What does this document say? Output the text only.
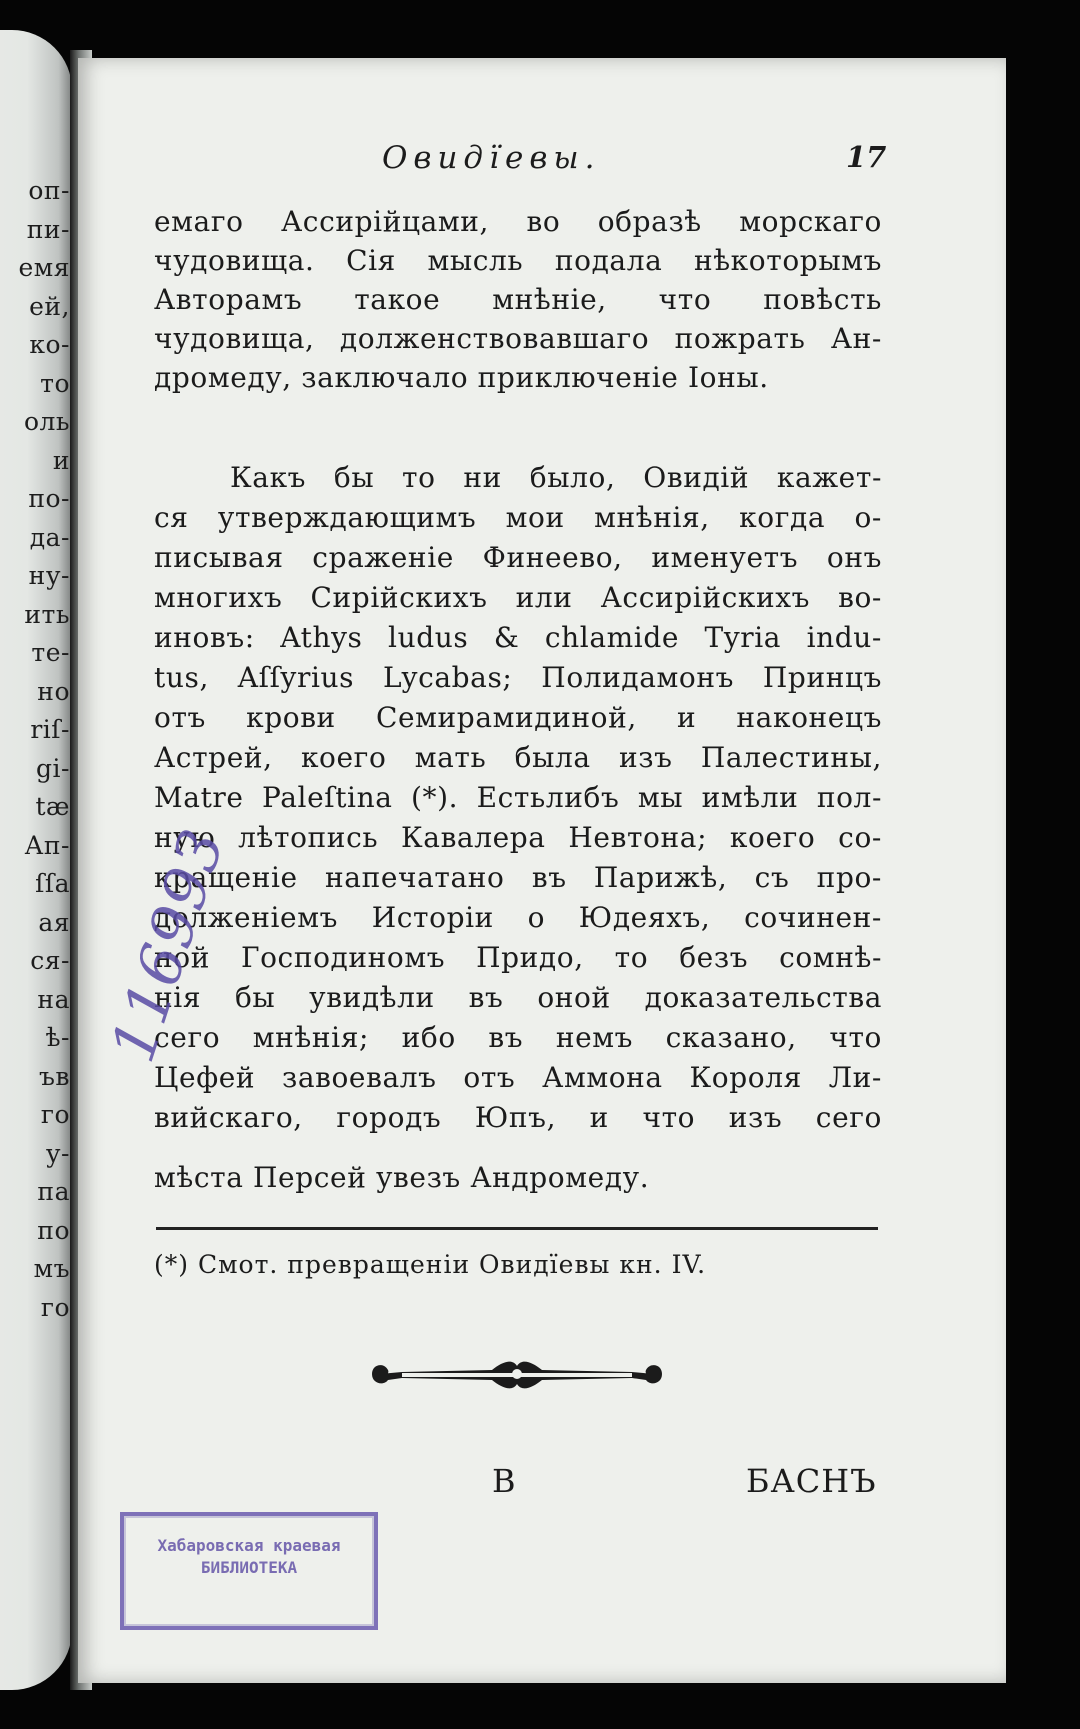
оп-
пи-
емя
ей,
ко-
то
оль
и
по-
да-
ну-
ить
те-
но
riſ-
gi-
tæ
Ап-
ſſa
ая
ся-
на
ѣ-
ъв
го
у-
па
по
мъ
го
Овидїевы.	17
емаго Ассирійцами, во образѣ морскаго
чудовища. Сія мысль подала нѣкоторымъ
Авторамъ такое мнѣніе, что повѣсть
чудовища, долженствовавшаго пожрать Ан-
дромеду, заключало приключеніе Іоны.
Какъ бы то ни было, Овидій кажет-
ся утверждающимъ мои мнѣнія, когда о-
писывая сраженіе Финеево, именуетъ онъ
многихъ Сирійскихъ или Ассирійскихъ во-
иновъ: Athys ludus & chlamide Tyria indu-
tus, Aſſyrius Lycabas; Полидамонъ Принцъ
отъ крови Семирамидиной, и наконецъ
Астрей, коего мать была изъ Палестины,
Matre Paleſtina (*). Естьлибъ мы имѣли пол-
ную лѣтопись Кавалера Невтона; коего со-
кращеніе напечатано въ Парижѣ, съ про-
долженіемъ Исторіи о Юдеяхъ, сочинен-
ной Господиномъ Придо, то безъ сомнѣ-
нія бы увидѣли въ оной доказательства
сего мнѣнія; ибо въ немъ сказано, что
Цефей завоевалъ отъ Аммона Короля Ли-
вийскаго, городъ Юпъ, и что изъ сего
мѣста Персей увезъ Андромеду.
(*) Смот. превращеніи Овидїевы кн. IV.
B	БАСНЪ
Хабаровская краевая
БИБЛИОТЕКА
116993
